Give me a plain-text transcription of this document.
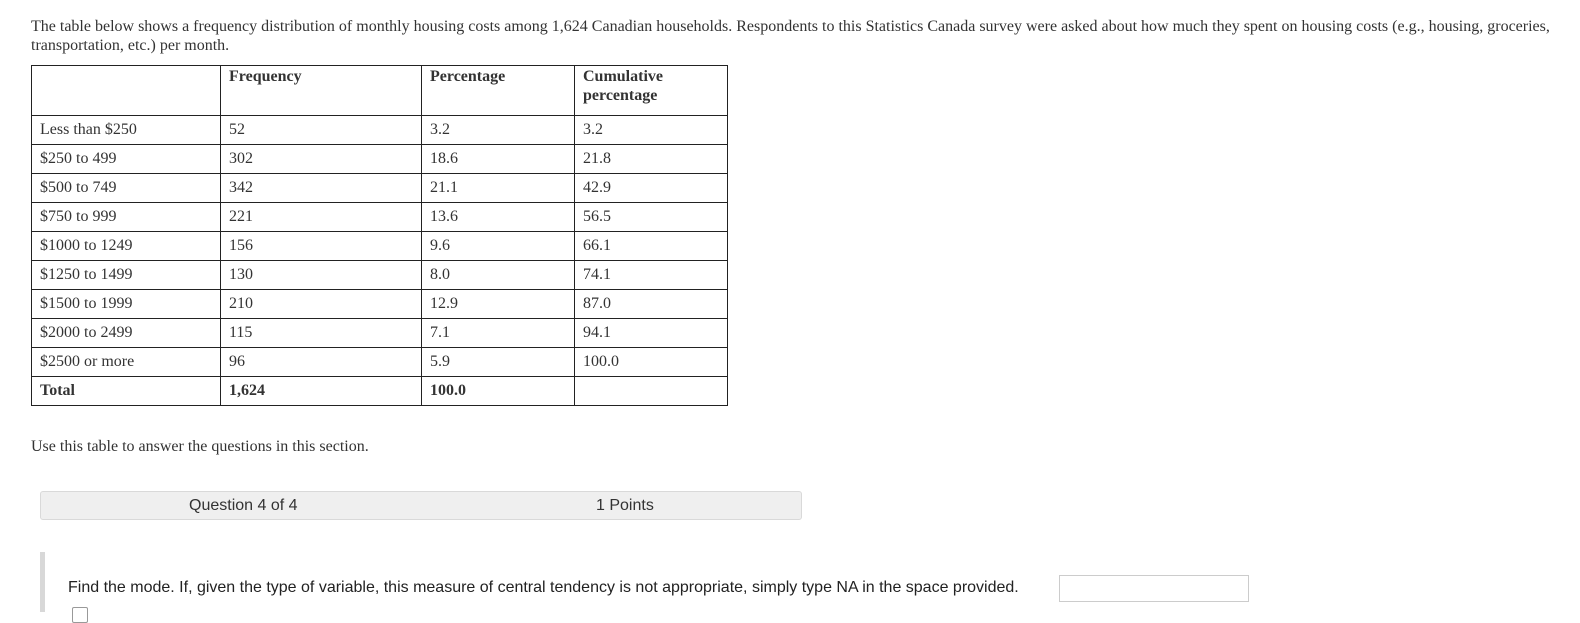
The table below shows a frequency distribution of monthly housing costs among 1,624 Canadian households. Respondents to this Statistics Canada survey were asked about how much they spent on housing costs (e.g., housing, groceries, transportation, etc.) per month.
	Frequency	Percentage	Cumulative percentage
Less than $250	52	3.2	3.2
$250 to 499	302	18.6	21.8
$500 to 749	342	21.1	42.9
$750 to 999	221	13.6	56.5
$1000 to 1249	156	9.6	66.1
$1250 to 1499	130	8.0	74.1
$1500 to 1999	210	12.9	87.0
$2000 to 2499	115	7.1	94.1
$2500 or more	96	5.9	100.0
Total	1,624	100.0	
Use this table to answer the questions in this section.
Question 4 of 4	1 Points
Find the mode. If, given the type of variable, this measure of central tendency is not appropriate, simply type NA in the space provided.
